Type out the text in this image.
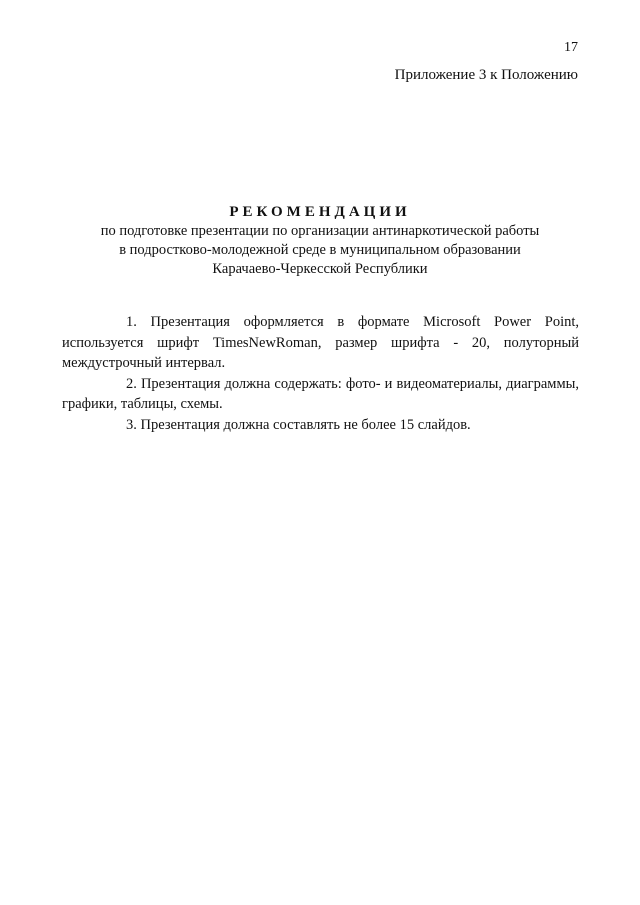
17
Приложение 3 к Положению
РЕКОМЕНДАЦИИ
по подготовке презентации по организации антинаркотической работы
в подростково-молодежной среде в муниципальном образовании
Карачаево-Черкесской Республики

1. Презентация оформляется в формате Microsoft Power Point, используется шрифт TimesNewRoman, размер шрифта - 20, полуторный междустрочный интервал.

2. Презентация должна содержать: фото- и видеоматериалы, диаграммы, графики, таблицы, схемы.

3. Презентация должна составлять не более 15 слайдов.
